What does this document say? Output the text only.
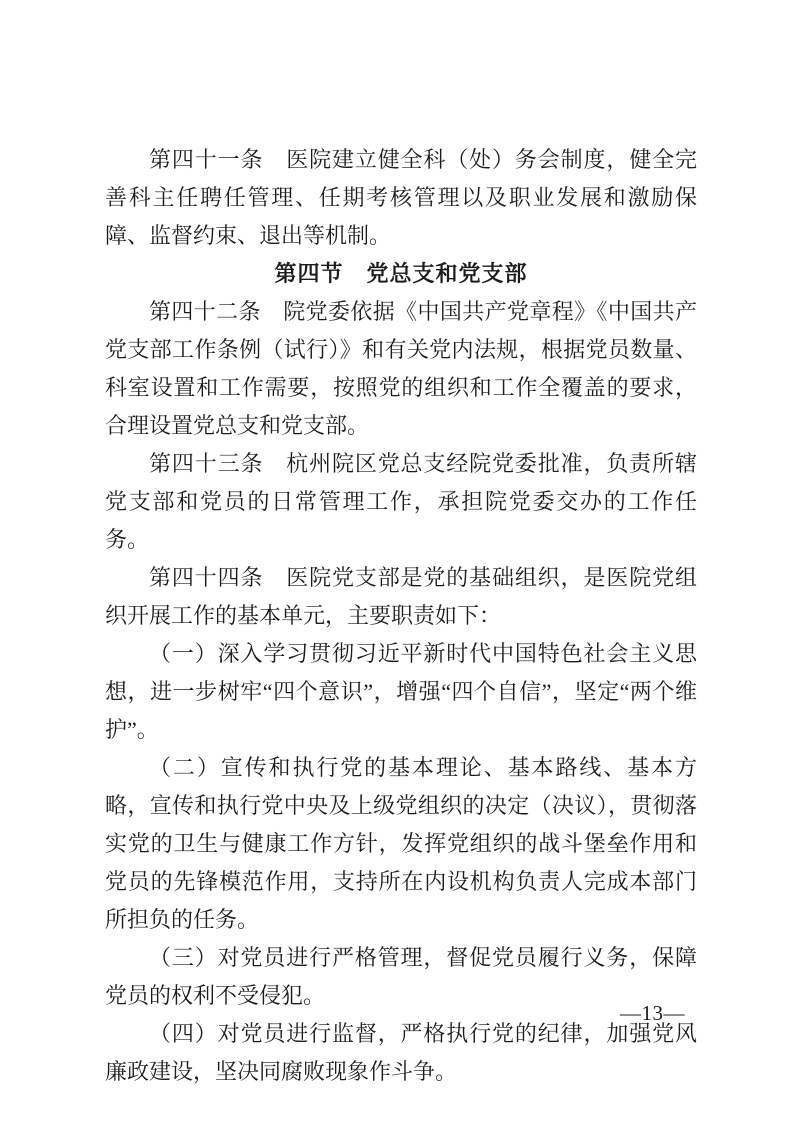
第四十一条　医院建立健全科（处）务会制度，健全完善科主任聘任管理、任期考核管理以及职业发展和激励保障、监督约束、退出等机制。

第四节　党总支和党支部

第四十二条　院党委依据《中国共产党章程》《中国共产党支部工作条例（试行）》和有关党内法规，根据党员数量、科室设置和工作需要，按照党的组织和工作全覆盖的要求，合理设置党总支和党支部。

第四十三条　杭州院区党总支经院党委批准，负责所辖党支部和党员的日常管理工作，承担院党委交办的工作任务。

第四十四条　医院党支部是党的基础组织，是医院党组织开展工作的基本单元，主要职责如下：

（一）深入学习贯彻习近平新时代中国特色社会主义思想，进一步树牢“四个意识”，增强“四个自信”，坚定“两个维护”。

（二）宣传和执行党的基本理论、基本路线、基本方略，宣传和执行党中央及上级党组织的决定（决议），贯彻落实党的卫生与健康工作方针，发挥党组织的战斗堡垒作用和党员的先锋模范作用，支持所在内设机构负责人完成本部门所担负的任务。

（三）对党员进行严格管理，督促党员履行义务，保障党员的权利不受侵犯。

（四）对党员进行监督，严格执行党的纪律，加强党风廉政建设，坚决同腐败现象作斗争。

—13—
